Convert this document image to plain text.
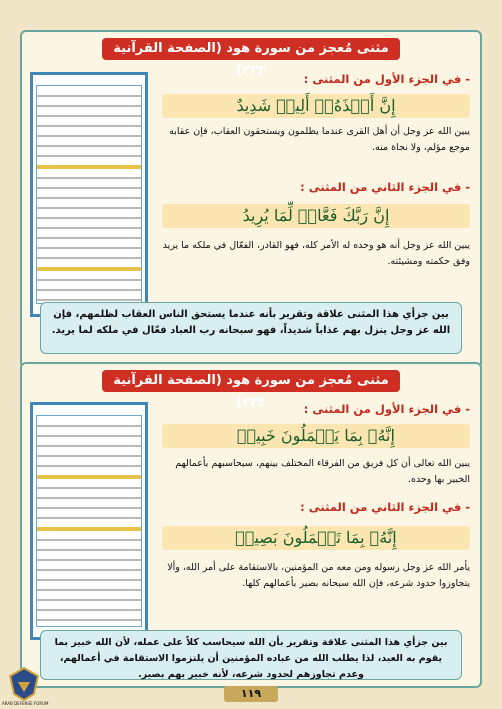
مثنى مُعجز من سورة هود (الصفحة القرآنية ٢٣٣)
- في الجزء الأول من المثنى :
إِنَّ أَخۡذَهُۥٓ أَلِيمٞ شَدِيدٌ
يبين الله عز وجل أن أهل القرى عندما يظلمون ويستحقون العقاب، فإن عقابه موجع مؤلم، ولا نجاة منه.
- في الجزء الثاني من المثنى :
إِنَّ رَبَّكَ فَعَّالٞ لِّمَا يُرِيدُ
يبين الله عز وجل أنه هو وحده له الأمر كله، فهو القادر، الفعّال في ملكه ما يريد وفق حكمته ومشيئته.
بين جزأي هذا المثنى علاقة وتقرير بأنه عندما يستحق الناس العقاب لظلمهم، فإن الله عز وجل ينزل بهم عذاباً شديداً، فهو سبحانه رب العباد فعّال في ملكه لما يريد.
مثنى مُعجز من سورة هود (الصفحة القرآنية ٢٣٤)	- في الجزء الأول من المثنى :
إِنَّهُۥ بِمَا يَعۡمَلُونَ خَبِيرٞ
يبين الله تعالى أن كل فريق من الفرقاء المختلف بينهم، سيحاسبهم بأعمالهم الخبير بها وحده.
- في الجزء الثاني من المثنى :
إِنَّهُۥ بِمَا تَعۡمَلُونَ بَصِيرٞ
يأمر الله عز وجل رسوله ومن معه من المؤمنين، بالاستقامة على أمر الله، وألا يتجاوزوا حدود شرعه، فإن الله سبحانه بصير بأعمالهم كلها.
بين جزأي هذا المثنى علاقة وتقرير بأن الله سيحاسب كلاً على عمله، لأن الله خبير بما يقوم به العبد، لذا يطلب الله من عباده المؤمنين أن يلتزموا الاستقامة في أعمالهم، وعدم تجاوزهم لحدود شرعه، لأنه خبير بهم بصير.
١١٩
ARAB DEFENSE FORUM
